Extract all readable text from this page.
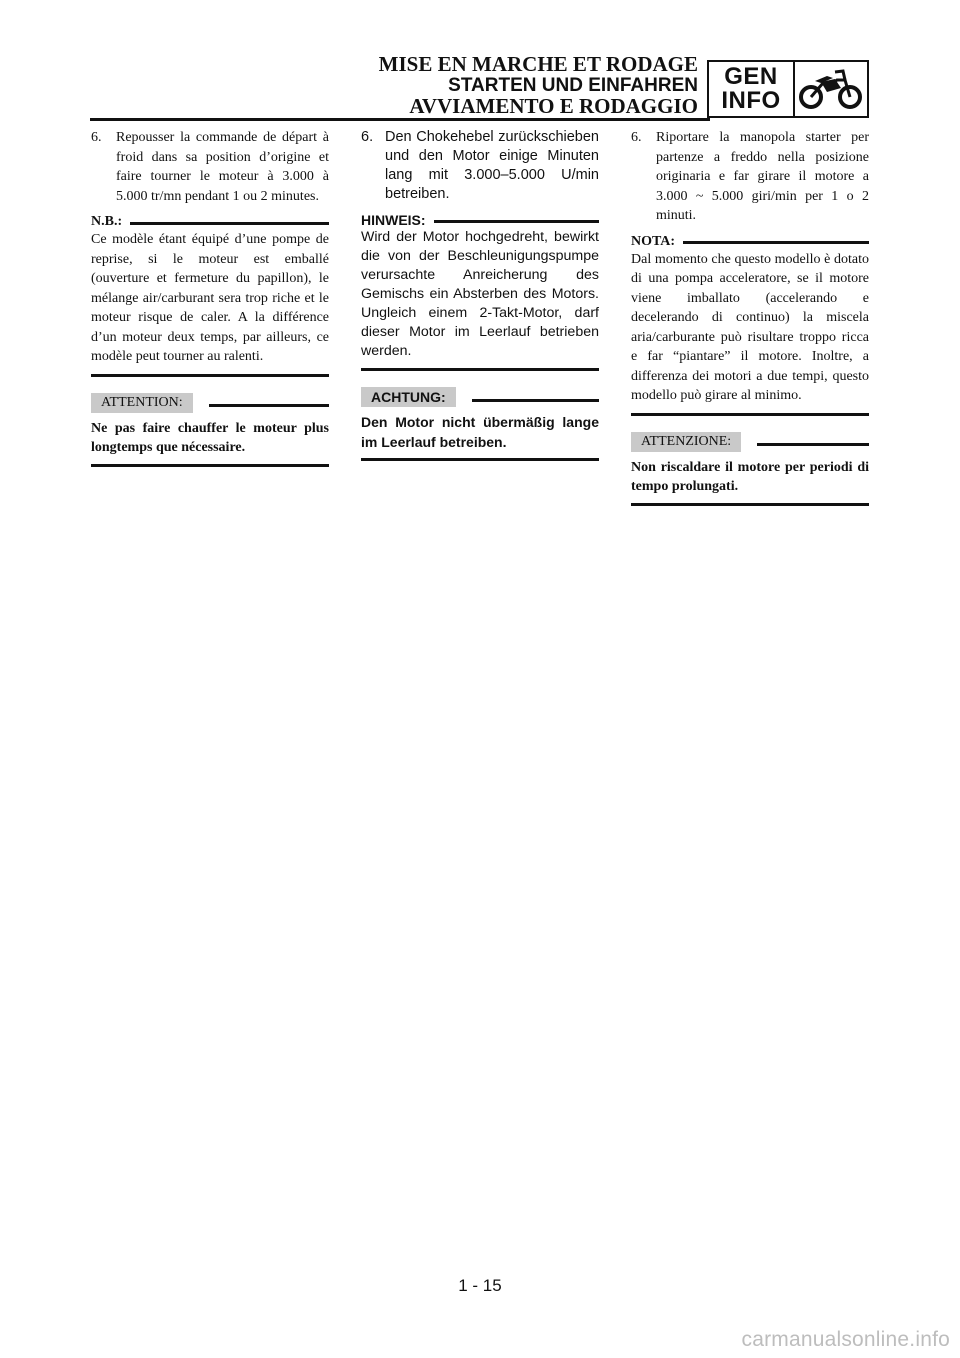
MISE EN MARCHE ET RODAGE
STARTEN UND EINFAHREN
AVVIAMENTO E RODAGGIO
GEN
INFO
6.	Repousser la commande de départ à froid dans sa position d’origine et faire tourner le moteur à 3.000 à 5.000 tr/mn pendant 1 ou 2 minutes.
N.B.:
Ce modèle étant équipé d’une pompe de reprise, si le moteur est emballé (ouverture et fermeture du papillon), le mélange air/carburant sera trop riche et le moteur risque de caler. A la différence d’un moteur deux temps, par ailleurs, ce modèle peut tourner au ralenti.
ATTENTION:
Ne pas faire chauffer le moteur plus longtemps que nécessaire.
6. Den Chokehebel zurückschieben und den Motor einige Minuten lang mit 3.000–5.000 U/min betreiben.
HINWEIS:
Wird der Motor hochgedreht, bewirkt die von der Beschleunigungspumpe verursachte Anreicherung des Gemischs ein Absterben des Motors. Ungleich einem 2-Takt-Motor, darf dieser Motor im Leerlauf betrieben werden.
ACHTUNG:
Den Motor nicht übermäßig lange im Leerlauf betreiben.
6.	Riportare la manopola starter per partenze a freddo nella posizione originaria e far girare il motore a 3.000 ~ 5.000 giri/min per 1 o 2 minuti.
NOTA:
Dal momento che questo modello è dotato di una pompa acceleratore, se il motore viene imballato (accelerando e decelerando di continuo) la miscela aria/carburante può risultare troppo ricca e far “piantare” il motore. Inoltre, a differenza dei motori a due tempi, questo modello può girare al minimo.
ATTENZIONE:
Non riscaldare il motore per periodi di tempo prolungati.
1 - 15
carmanualsonline.info
